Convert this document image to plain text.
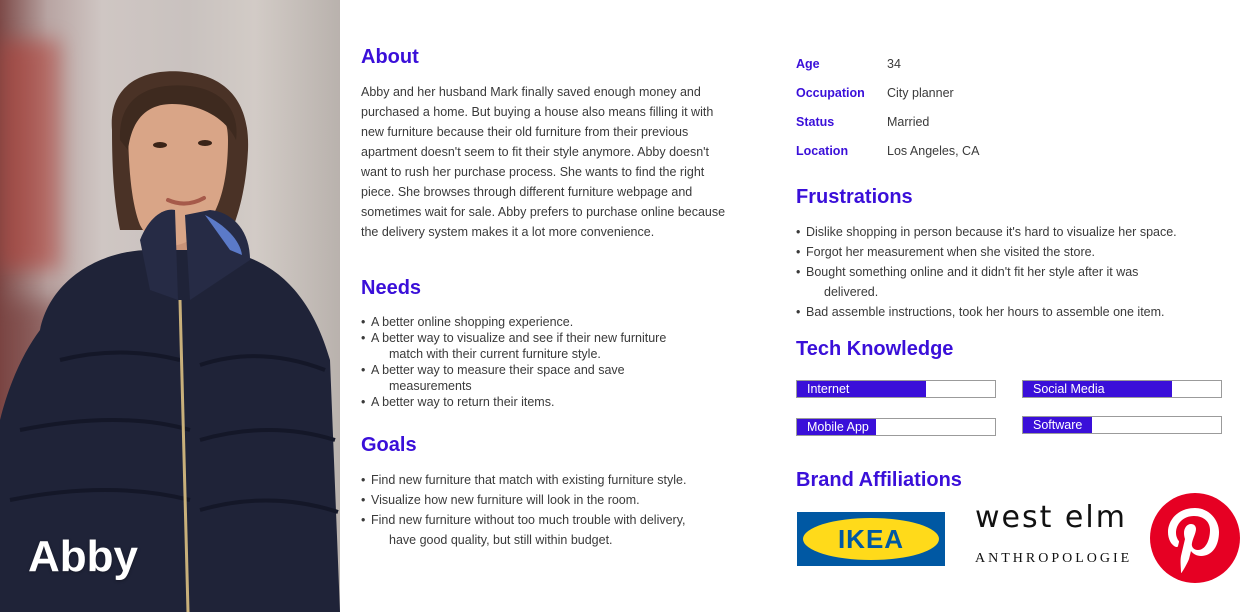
Abby
About

Abby and her husband Mark finally saved enough money and purchased a home. But buying a house also means filling it with new furniture because their old furniture from their previous apartment doesn't seem to fit their style anymore. Abby doesn't want to rush her purchase process. She wants to find the right piece. She browses through different furniture webpage and sometimes wait for sale. Abby prefers to purchase online because the delivery system makes it a lot more convenience.

Needs
• A better online shopping experience.
• A better way to visualize and see if their new furniture
match with their current furniture style.
• A better way to measure their space and save
measurements
• A better way to return their items.
Goals
• Find new furniture that match with existing furniture style.
• Visualize how new furniture will look in the room.
• Find new furniture without too much trouble with delivery,
have good quality, but still within budget.
Age	34
Occupation	City planner
Status	Married
Location	Los Angeles, CA
Frustrations
• Dislike shopping in person because it's hard to visualize her space.
• Forgot her measurement when she visited the store.
• Bought something online and it didn't fit her style after it was
delivered.
• Bad assemble instructions, took her hours to assemble one item.
Tech Knowledge
Internet	Social Media
Mobile App	Software
Brand Affiliations
IKEA
west elm
ANTHROPOLOGIE
